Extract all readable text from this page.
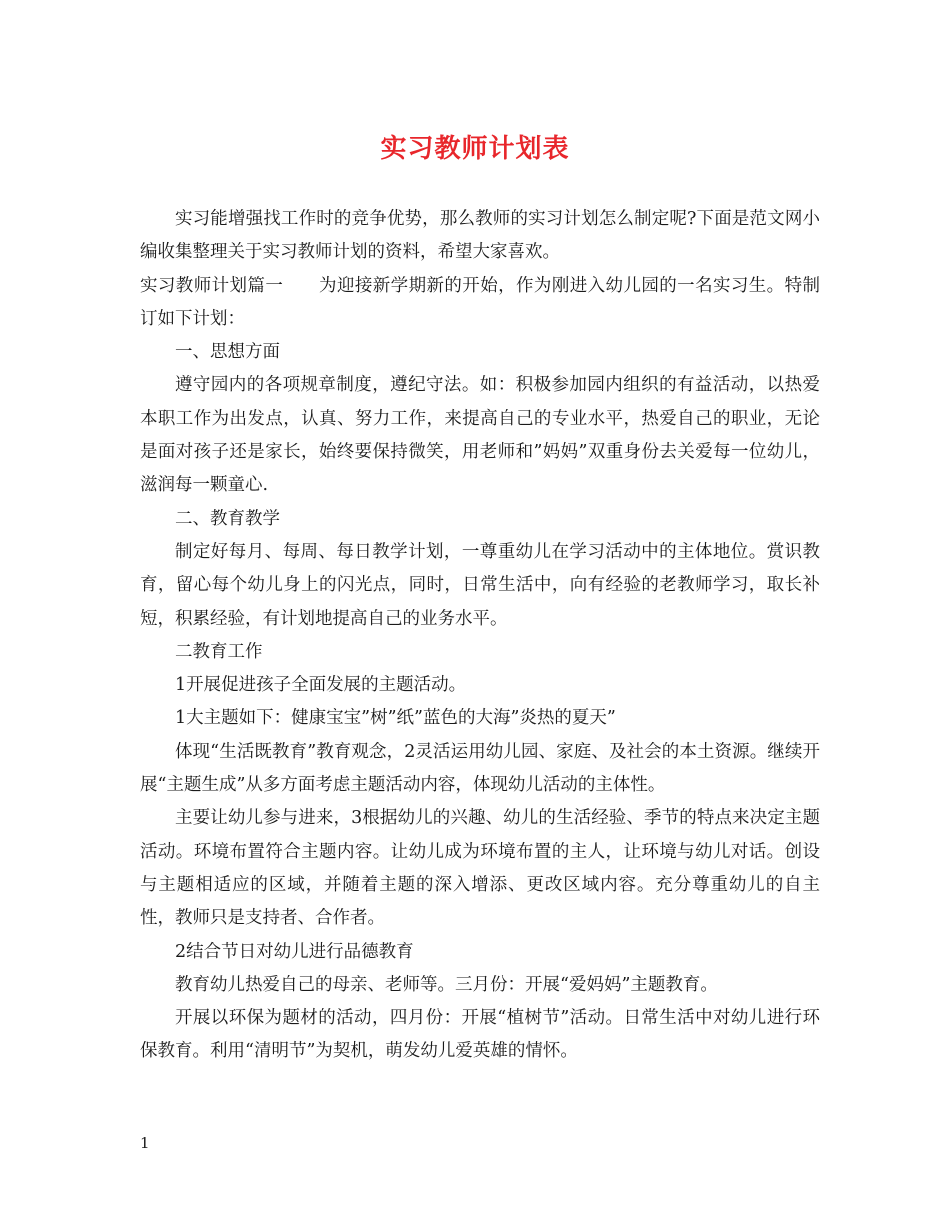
实习教师计划表

实习能增强找工作时的竞争优势，那么教师的实习计划怎么制定呢?下面是范文网小编收集整理关于实习教师计划的资料，希望大家喜欢。

实习教师计划篇一　　为迎接新学期新的开始，作为刚进入幼儿园的一名实习生。特制订如下计划：

一、思想方面

遵守园内的各项规章制度，遵纪守法。如：积极参加园内组织的有益活动，以热爱本职工作为出发点，认真、努力工作，来提高自己的专业水平，热爱自己的职业，无论是面对孩子还是家长，始终要保持微笑，用老师和”妈妈”双重身份去关爱每一位幼儿，滋润每一颗童心.

二、教育教学

制定好每月、每周、每日教学计划，一尊重幼儿在学习活动中的主体地位。赏识教育，留心每个幼儿身上的闪光点，同时，日常生活中，向有经验的老教师学习，取长补短，积累经验，有计划地提高自己的业务水平。

二教育工作

1开展促进孩子全面发展的主题活动。

1大主题如下：健康宝宝”树”纸”蓝色的大海”炎热的夏天”

体现“生活既教育”教育观念，2灵活运用幼儿园、家庭、及社会的本土资源。继续开展“主题生成”从多方面考虑主题活动内容，体现幼儿活动的主体性。

主要让幼儿参与进来，3根据幼儿的兴趣、幼儿的生活经验、季节的特点来决定主题活动。环境布置符合主题内容。让幼儿成为环境布置的主人，让环境与幼儿对话。创设与主题相适应的区域，并随着主题的深入增添、更改区域内容。充分尊重幼儿的自主性，教师只是支持者、合作者。

2结合节日对幼儿进行品德教育

教育幼儿热爱自己的母亲、老师等。三月份：开展“爱妈妈”主题教育。

开展以环保为题材的活动，四月份：开展“植树节”活动。日常生活中对幼儿进行环保教育。利用“清明节”为契机，萌发幼儿爱英雄的情怀。

1
